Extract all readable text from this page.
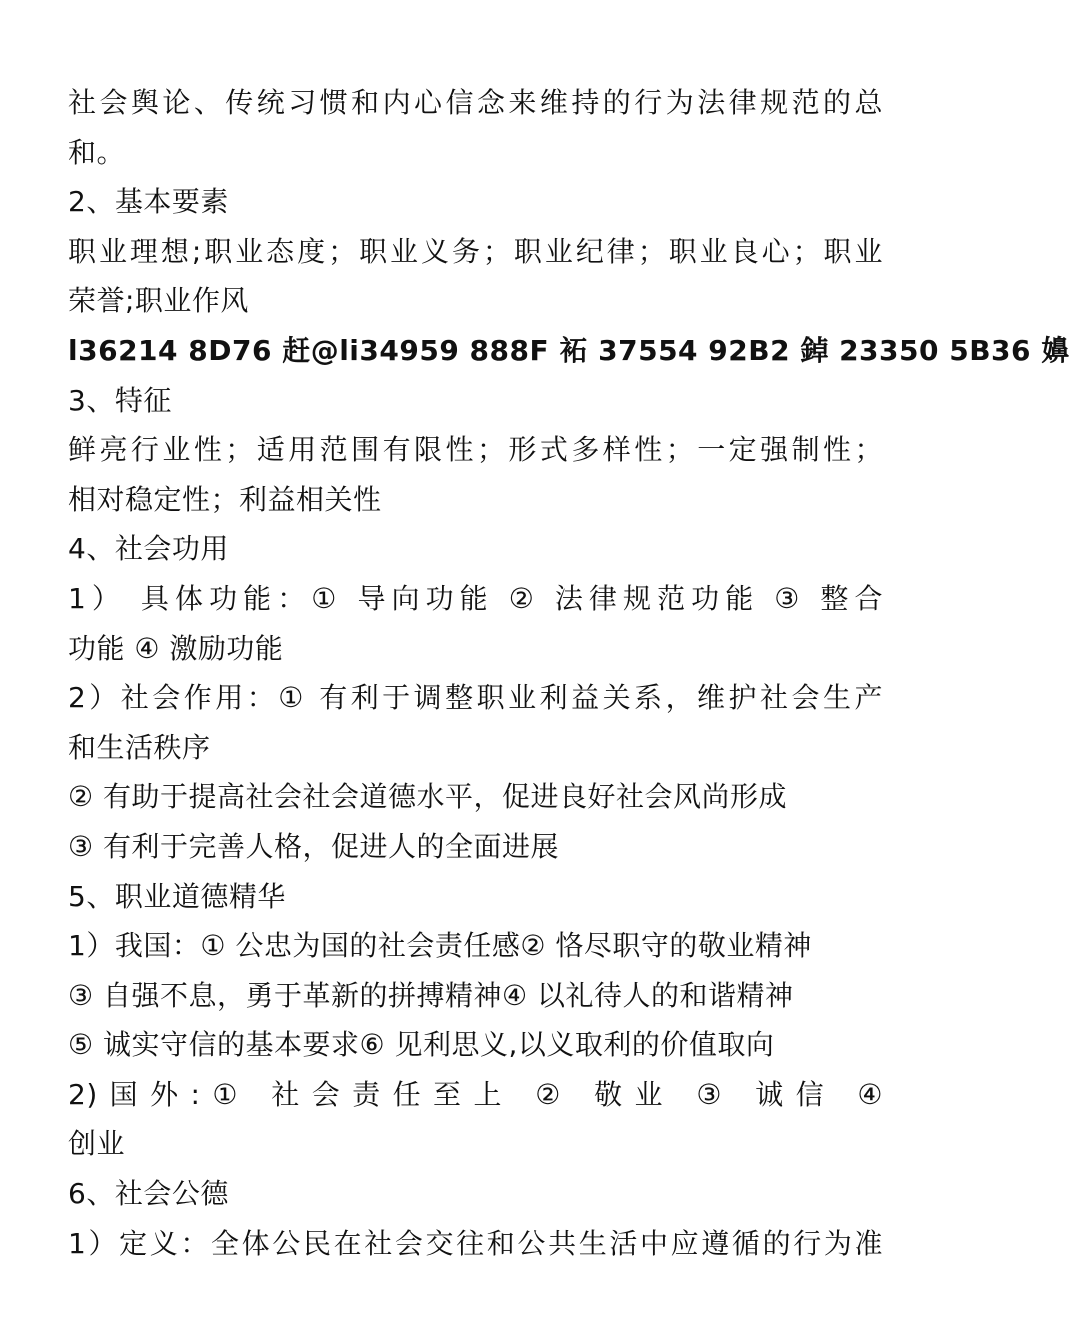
社会舆论、传统习惯和内心信念来维持的行为法律规范的总
和。
2、基本要素
职业理想;职业态度；职业义务；职业纪律；职业良心；职业
荣誉;职业作风
l36214 8D76 赶@li34959 888F 袥 37554 92B2 鋽 23350 5B36 嬶
3、特征
鲜亮行业性；适用范围有限性；形式多样性；一定强制性；
相对稳定性；利益相关性
4、社会功用
1） 具体功能：① 导向功能 ② 法律规范功能 ③ 整合
功能 ④ 激励功能
2）社会作用：① 有利于调整职业利益关系，维护社会生产
和生活秩序
② 有助于提高社会社会道德水平，促进良好社会风尚形成
③ 有利于完善人格，促进人的全面进展
5、职业道德精华
1）我国：① 公忠为国的社会责任感② 恪尽职守的敬业精神
③ 自强不息，勇于革新的拼搏精神④ 以礼待人的和谐精神
⑤ 诚实守信的基本要求⑥ 见利思义,以义取利的价值取向
2)国外:① 社会责任至上 ② 敬业 ③ 诚信 ④
创业
6、社会公德
1）定义：全体公民在社会交往和公共生活中应遵循的行为准
